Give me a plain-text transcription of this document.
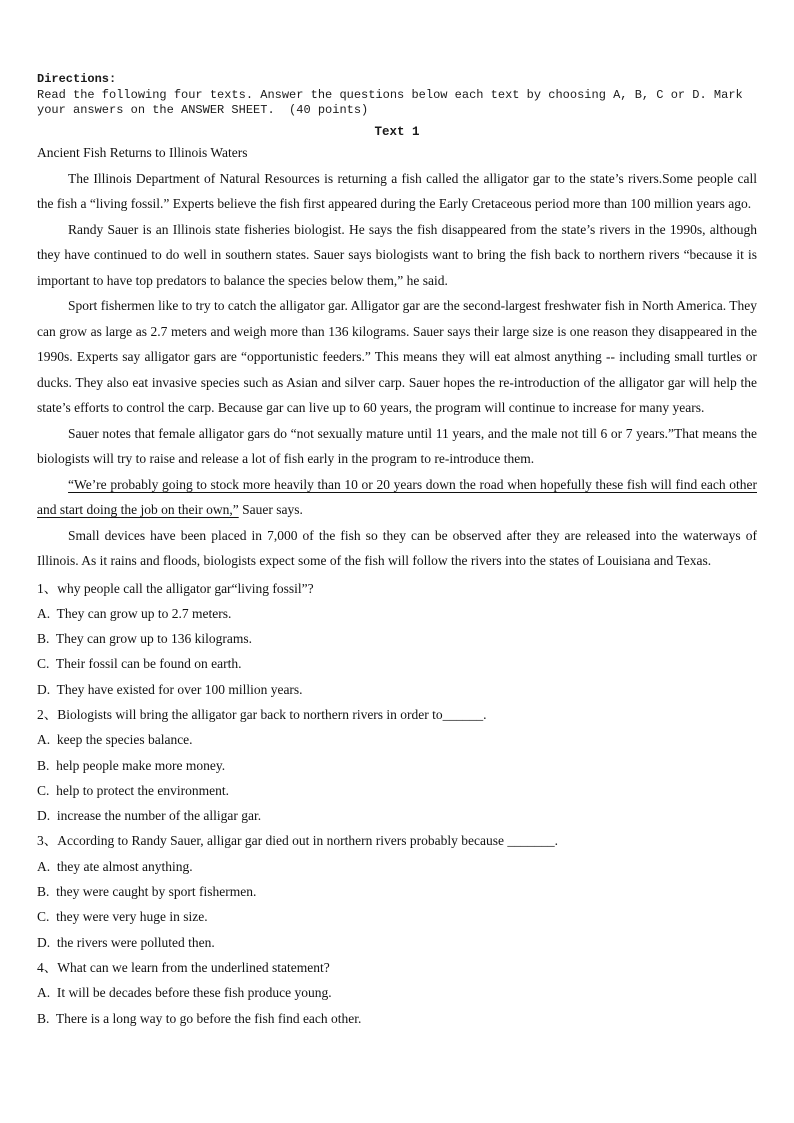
Directions:
Read the following four texts. Answer the questions below each text by choosing A, B, C or D. Mark your answers on the ANSWER SHEET.  (40 points)
Text 1
Ancient Fish Returns to Illinois Waters

The Illinois Department of Natural Resources is returning a fish called the alligator gar to the state’s rivers.Some people call the fish a “living fossil.” Experts believe the fish first appeared during the Early Cretaceous period more than 100 million years ago.

Randy Sauer is an Illinois state fisheries biologist. He says the fish disappeared from the state’s rivers in the 1990s, although they have continued to do well in southern states. Sauer says biologists want to bring the fish back to northern rivers “because it is important to have top predators to balance the species below them,” he said.

Sport fishermen like to try to catch the alligator gar. Alligator gar are the second-largest freshwater fish in North America. They can grow as large as 2.7 meters and weigh more than 136 kilograms. Sauer says their large size is one reason they disappeared in the 1990s. Experts say alligator gars are “opportunistic feeders.” This means they will eat almost anything -- including small turtles or ducks. They also eat invasive species such as Asian and silver carp. Sauer hopes the re-introduction of the alligator gar will help the state’s efforts to control the carp. Because gar can live up to 60 years, the program will continue to increase for many years.

Sauer notes that female alligator gars do “not sexually mature until 11 years, and the male not till 6 or 7 years.”That means the biologists will try to raise and release a lot of fish early in the program to re-introduce them.

“We’re probably going to stock more heavily than 10 or 20 years down the road when hopefully these fish will find each other and start doing the job on their own,” Sauer says.

Small devices have been placed in 7,000 of the fish so they can be observed after they are released into the waterways of Illinois. As it rains and floods, biologists expect some of the fish will follow the rivers into the states of Louisiana and Texas.

1、why people call the alligator gar“living fossil”?

A.  They can grow up to 2.7 meters.

B.  They can grow up to 136 kilograms.

C.  Their fossil can be found on earth.

D.  They have existed for over 100 million years.

2、Biologists will bring the alligator gar back to northern rivers in order to______.

A.  keep the species balance.

B.  help people make more money.

C.  help to protect the environment.

D.  increase the number of the alligar gar.

3、According to Randy Sauer, alligar gar died out in northern rivers probably because _______.

A.  they ate almost anything.

B.  they were caught by sport fishermen.

C.  they were very huge in size.

D.  the rivers were polluted then.

4、What can we learn from the underlined statement?

A.  It will be decades before these fish produce young.

B.  There is a long way to go before the fish find each other.
